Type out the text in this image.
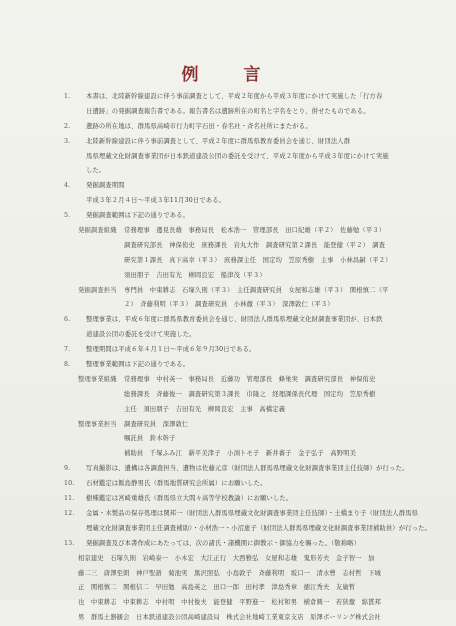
例　言
1. 本書は、北陸新幹線建設に伴う事前調査として、平成２年度から平成３年度にかけて実施した「行方春
日遺跡」の発掘調査報告書である。報告書名は遺跡所在の町名と字名をとり、併せたものである。
2. 遺跡の所在地は、群馬県高崎市行力町字石田・春名社・斉名社所にまたがる。
3. 北陸新幹線建設に伴う事前調査として、平成２年度に群馬県教育委員会を通じ、財団法人群
馬県埋蔵文化財調査事業団が日本鉄道建設公団の委託を受けて、平成２年度から平成３年度にかけて実施
した。
4. 発掘調査期間
平成３年２月４日～平成３年11月30日である。
5. 発掘調査範囲は下記の通りである。
発掘調査組織 常務理事　邊見長雄　事務局長　松本浩一　管理部長　田口紀雄（平２）　佐藤勉（平３）
調査研究部長　神保侑史　庶務課長　岩丸大作　調査研究第２課長　能登健（平２）　調査
研究第１課長　真下高幸（平３）　庶務課主任　国定均　笠原秀樹　主事　小林昌嗣（平２）
須田朋子　吉田有光　柳岡良宏　船津茂（平３）
発掘調査担当 専門員　中束耕志　石塚久則（平３）　主任調査研究員　女屋和志雄（平３）　関根慎二（平
２）　斉藤利明（平３）　調査研究員　小林徹（平３）　深澤敦仁（平３）
6. 整理事業は、平成６年度に群馬県教育委員会を通じ、財団法人群馬県埋蔵文化財調査事業団が、日本鉄
道建設公団の委託を受けて実施した。
7. 整理期間は平成６年４月１日～平成６年９月30日である。
8. 整理事業範囲は下記の通りである。
整理事業組織 常務理事　中村英一　事務局長　近藤功　管理部長　蜂巣実　調査研究部長　神保侑史
総務課長　斉藤俊一　調査研究第３課長　巾隆之　経理課係長代理　国定均　笠原秀樹
主任　須田朋子　吉田有光　柳岡良宏　主事　高橋定義
整理事業担当 調査研究員　深澤敦仁
嘱託員　鈴木幹子
補助員　千塚ふみ江　新平美津子　小渕トモ子　新井蕃子　金子弘子　高野明美
9. 写真撮影は、遺構は各調査担当、遺物は佐藤元彦（財団法人群馬県埋蔵文化財調査事業団主任技師）が行った。
10. 石材鑑定は飯島静男氏（群馬地質研究会所属）にお願いした。
11. 樹種鑑定は宮崎重雄氏（群馬県立大間々高等学校教諭）にお願いした。
12. 金属・木製品の保存処理は関邦一（財団法人群馬県埋蔵文化財調査事業団主任技師）・土橋まり子（財団法人群馬県
埋蔵文化財調査事業団主任調査補助）・小材浩一・小沼恵子（財団法人群馬県埋蔵文化財調査事業団補助員）が行った。
13. 発掘調査及び本書作成にあたっては、次の諸氏・諸機関に御教示・御協力を賜った。（敬称略）
相京建史　石塚久則　岩崎泰一　小木宏　大江正行　大西雅弘　女屋和志雄　鬼形芳夫　金子智一　加
藤二三　唐澤至朗　神戸聖語　菊池実　黒沢照弘　小島敦子　斉藤利明　坂口一　清水豊　志村哲　下城
正　関根慎二　関根信二　早田勉　高島英之　田口一郎　田村孝　津島秀章　徳江秀夫　友廣哲
也　中束耕志　中束耕志　中村明　中村俊夫　能登健　平野進一　松村和男　横倉興一　若狭徹　綿貫邦
男　群馬土器観会　日本鉄道建設公団高崎建設局　株式会社地崎工業東京支店　原澤ボーリング株式会社
